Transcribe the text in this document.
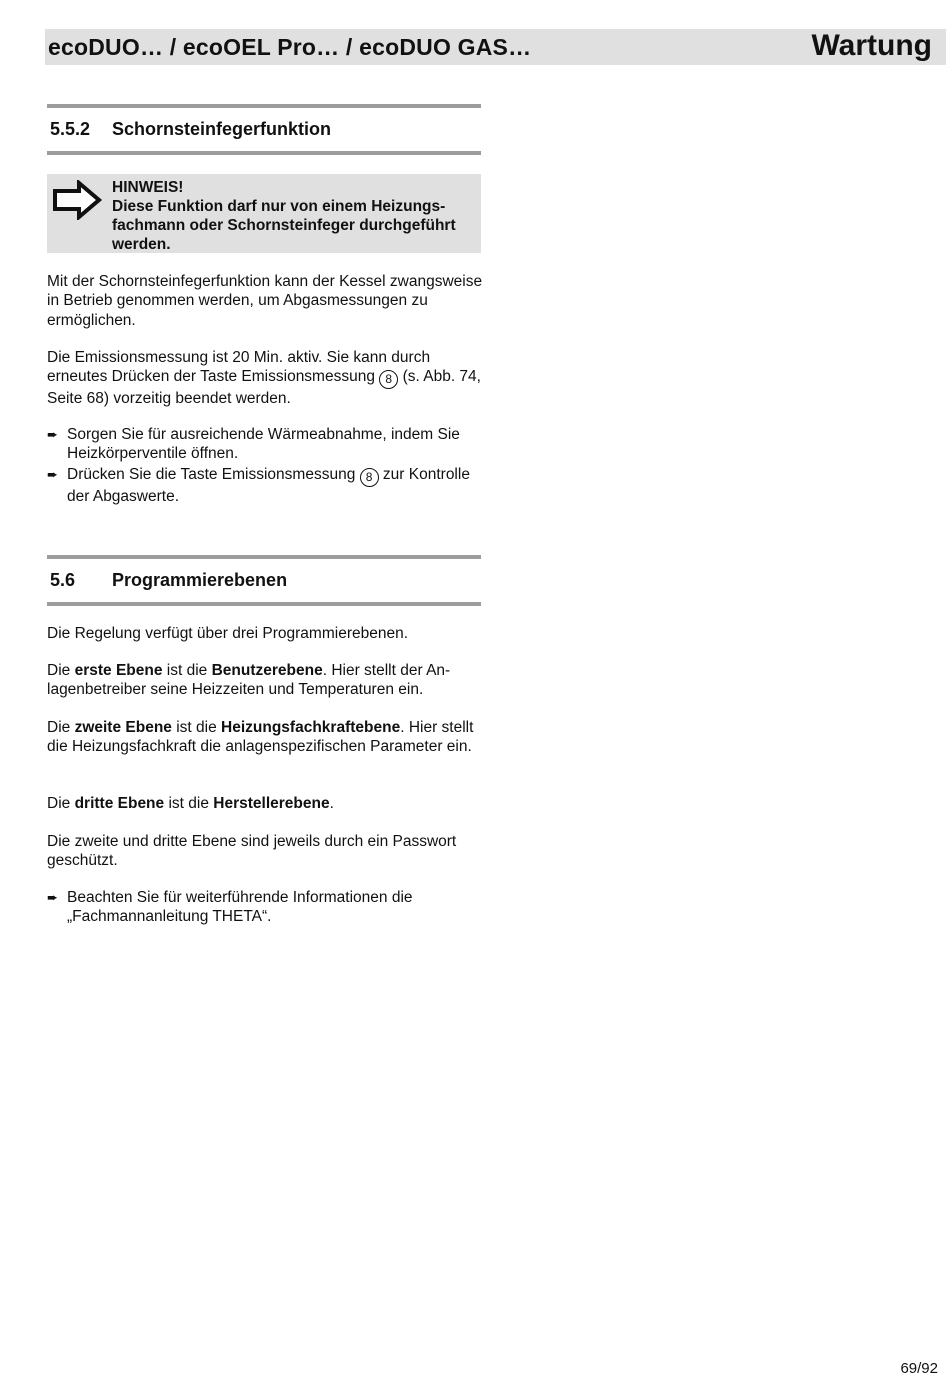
ecoDUO… / ecoOEL Pro… / ecoDUO GAS…	Wartung
5.5.2 Schornsteinfegerfunktion
HINWEIS!
Diese Funktion darf nur von einem Heizungsfachmann oder Schornsteinfeger durchgeführt werden.

Mit der Schornsteinfegerfunktion kann der Kessel zwangsweise in Betrieb genommen werden, um Abgasmessungen zu ermöglichen.

Die Emissionsmessung ist 20 Min. aktiv. Sie kann durch erneutes Drücken der Taste Emissionsmessung 8 (s. Abb. 74, Seite 68) vorzeitig beendet werden.

➨ Sorgen Sie für ausreichende Wärmeabnahme, indem Sie Heizkörperventile öffnen.
➨ Drücken Sie die Taste Emissionsmessung 8 zur Kontrolle der Abgaswerte.
5.6 Programmierebenen

Die Regelung verfügt über drei Programmierebenen.

Die erste Ebene ist die Benutzerebene. Hier stellt der Anlagenbetreiber seine Heizzeiten und Temperaturen ein.

Die zweite Ebene ist die Heizungsfachkraftebene. Hier stellt die Heizungsfachkraft die anlagenspezifischen Parameter ein.

Die dritte Ebene ist die Herstellerebene.

Die zweite und dritte Ebene sind jeweils durch ein Passwort geschützt.

➨ Beachten Sie für weiterführende Informationen die „Fachmannanleitung THETA“.
69/92
